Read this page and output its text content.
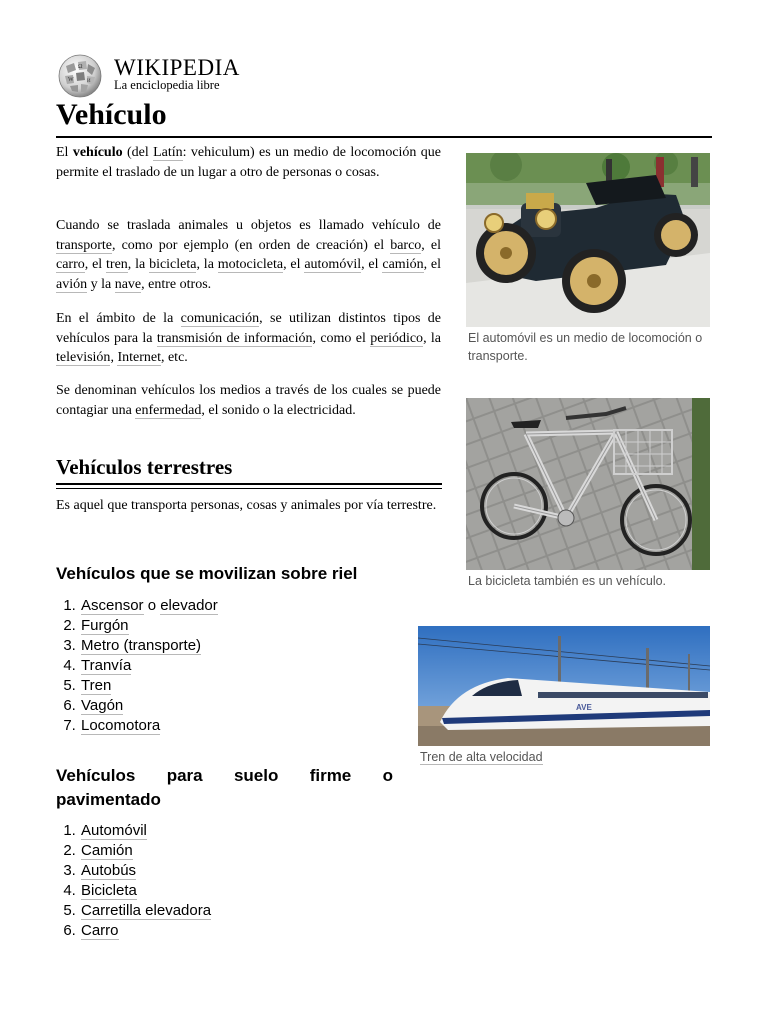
Ω
W	И
WIKIPEDIA
La enciclopedia libre
Vehículo

El vehículo (del Latín: vehiculum) es un medio de locomoción que permite el traslado de un lugar a otro de personas o cosas.

Cuando se traslada animales u objetos es llamado vehículo de transporte, como por ejemplo (en orden de creación) el barco, el carro, el tren, la bicicleta, la motocicleta, el automóvil, el camión, el avión y la nave, entre otros.

En el ámbito de la comunicación, se utilizan distintos tipos de vehículos para la transmisión de información, como el periódico, la televisión, Internet, etc.

Se denominan vehículos los medios a través de los cuales se puede contagiar una enfermedad, el sonido o la electricidad.

Vehículos terrestres

Es aquel que transporta personas, cosas y animales por vía terrestre.

Vehículos que se movilizan sobre riel
1. Ascensor o elevador
2. Furgón
3. Metro (transporte)
4. Tranvía
5. Tren
6. Vagón
7. Locomotora
Vehículos para suelo firme o pavimentado
1. Automóvil
2. Camión
3. Autobús
4. Bicicleta
5. Carretilla elevadora
6. Carro
El automóvil es un medio de locomoción o transporte.
La bicicleta también es un vehículo.
AVE
Tren de alta velocidad
